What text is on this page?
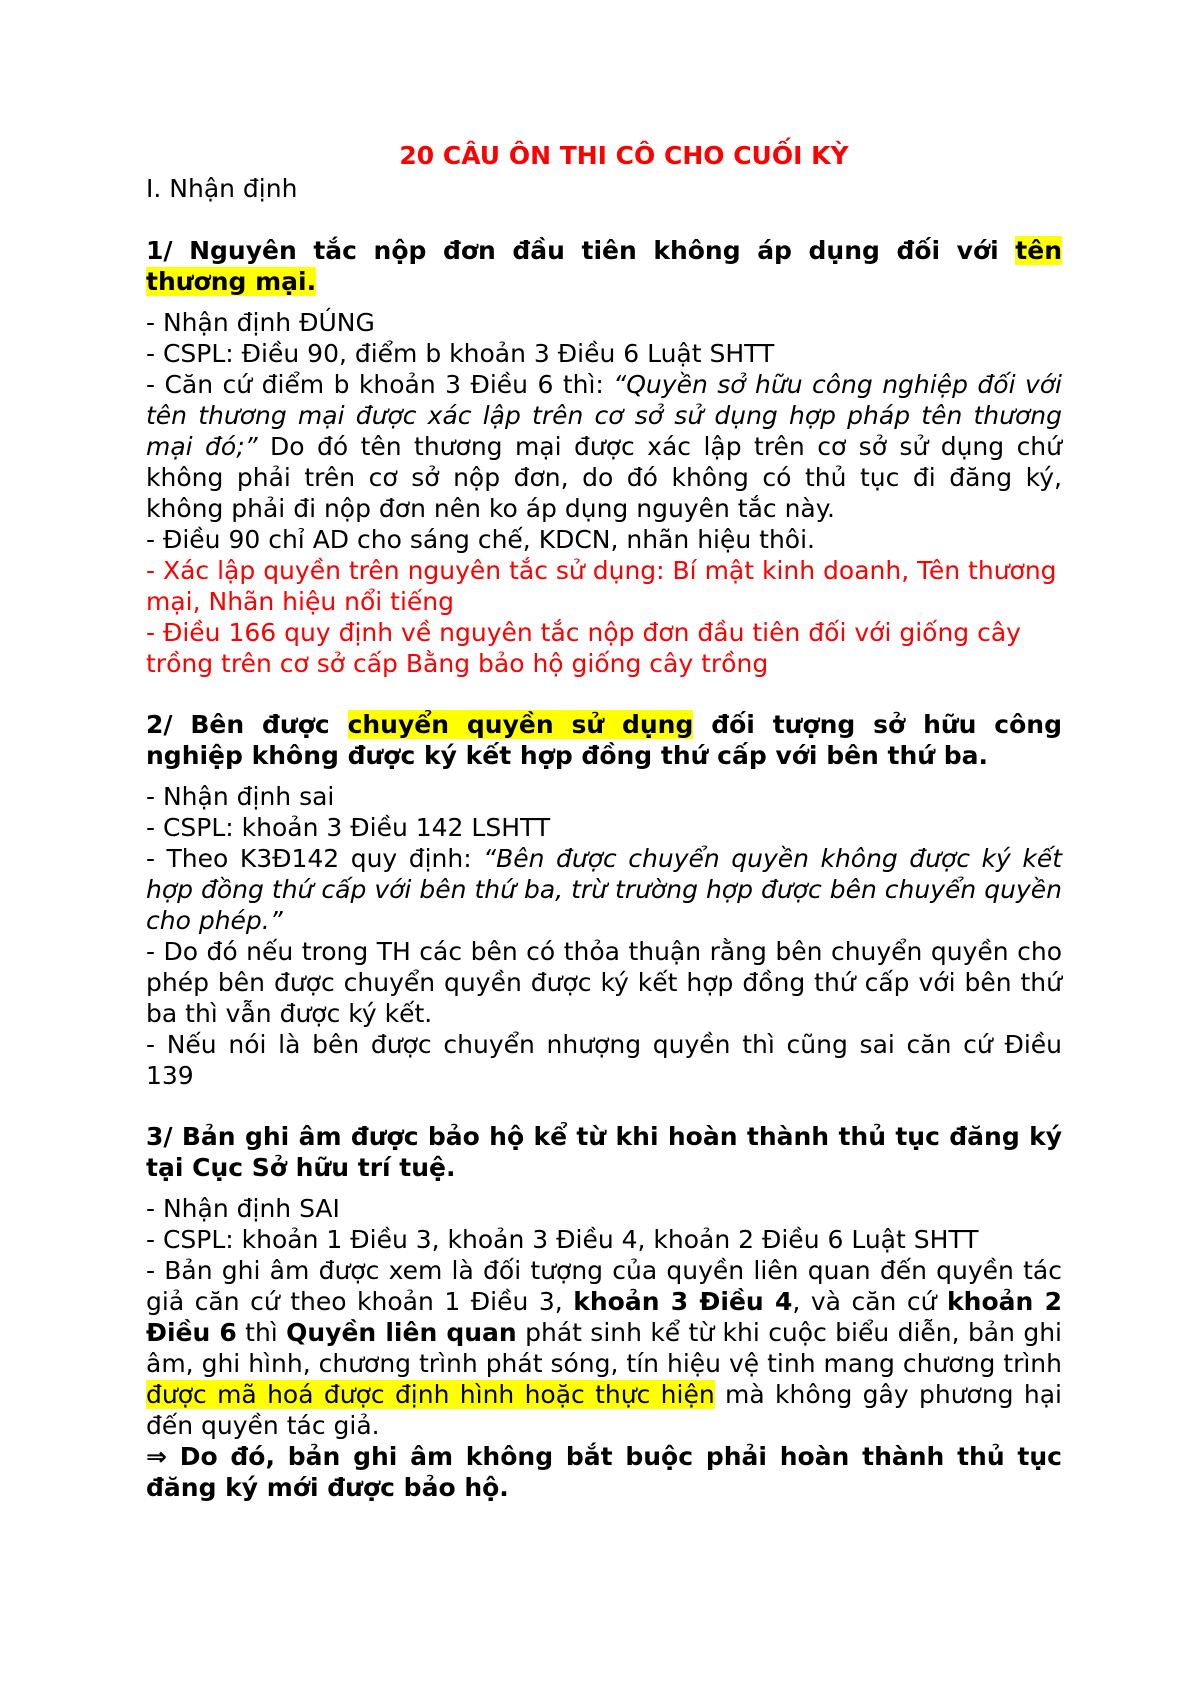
20 CÂU ÔN THI CÔ CHO CUỐI KỲ
I. Nhận định
1/ Nguyên tắc nộp đơn đầu tiên không áp dụng đối với tên thương mại.
- Nhận định ĐÚNG
- CSPL: Điều 90, điểm b khoản 3 Điều 6 Luật SHTT
- Căn cứ điểm b khoản 3 Điều 6 thì: “Quyền sở hữu công nghiệp đối với tên thương mại được xác lập trên cơ sở sử dụng hợp pháp tên thương mại đó;” Do đó tên thương mại được xác lập trên cơ sở sử dụng chứ không phải trên cơ sở nộp đơn, do đó không có thủ tục đi đăng ký, không phải đi nộp đơn nên ko áp dụng nguyên tắc này.
- Điều 90 chỉ AD cho sáng chế, KDCN, nhãn hiệu thôi.
- Xác lập quyền trên nguyên tắc sử dụng: Bí mật kinh doanh, Tên thương mại, Nhãn hiệu nổi tiếng
- Điều 166 quy định về nguyên tắc nộp đơn đầu tiên đối với giống cây trồng trên cơ sở cấp Bằng bảo hộ giống cây trồng
2/ Bên được chuyển quyền sử dụng đối tượng sở hữu công nghiệp không được ký kết hợp đồng thứ cấp với bên thứ ba.
- Nhận định sai
- CSPL: khoản 3 Điều 142 LSHTT
- Theo K3Đ142 quy định: “Bên được chuyển quyền không được ký kết hợp đồng thứ cấp với bên thứ ba, trừ trường hợp được bên chuyển quyền cho phép.”
- Do đó nếu trong TH các bên có thỏa thuận rằng bên chuyển quyền cho phép bên được chuyển quyền được ký kết hợp đồng thứ cấp với bên thứ ba thì vẫn được ký kết.
- Nếu nói là bên được chuyển nhượng quyền thì cũng sai căn cứ Điều 139
3/ Bản ghi âm được bảo hộ kể từ khi hoàn thành thủ tục đăng ký tại Cục Sở hữu trí tuệ.
- Nhận định SAI
- CSPL: khoản 1 Điều 3, khoản 3 Điều 4, khoản 2 Điều 6 Luật SHTT
- Bản ghi âm được xem là đối tượng của quyền liên quan đến quyền tác giả căn cứ theo khoản 1 Điều 3, khoản 3 Điều 4, và căn cứ khoản 2 Điều 6 thì Quyền liên quan phát sinh kể từ khi cuộc biểu diễn, bản ghi âm, ghi hình, chương trình phát sóng, tín hiệu vệ tinh mang chương trình được mã hoá được định hình hoặc thực hiện mà không gây phương hại đến quyền tác giả.
⇒ Do đó, bản ghi âm không bắt buộc phải hoàn thành thủ tục đăng ký mới được bảo hộ.
